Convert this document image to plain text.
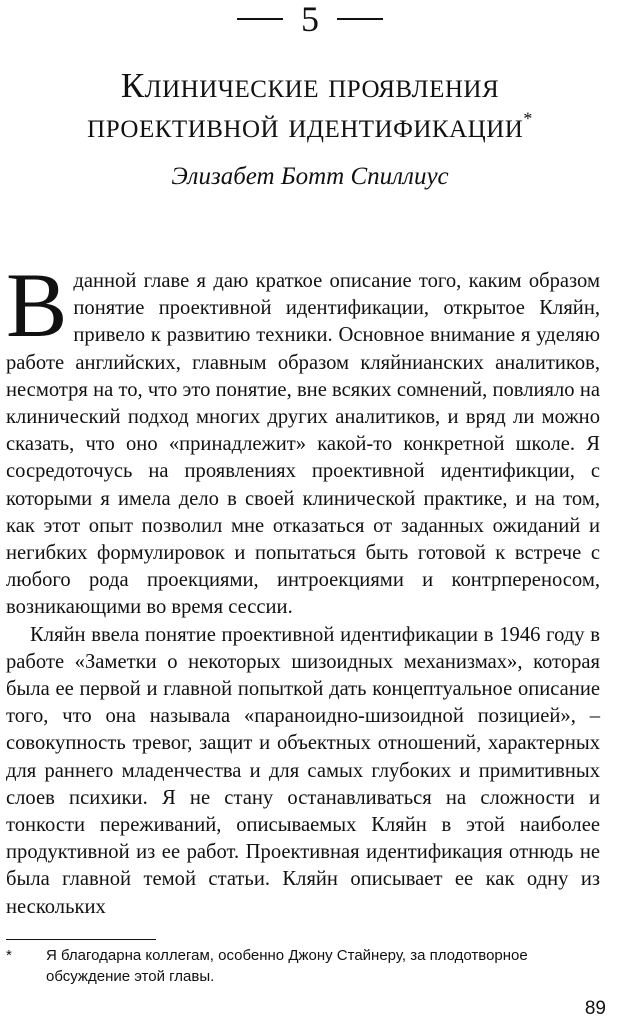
5
Клинические проявления
проективной идентификации*
Элизабет Ботт Спиллиус

Вданной главе я даю краткое описание того, каким образом понятие проективной идентификации, открытое Кляйн, привело к развитию техники. Основное внимание я уделяю работе английских, главным образом кляйнианских аналитиков, несмотря на то, что это понятие, вне всяких сомнений, повлияло на клинический подход многих других аналитиков, и вряд ли можно сказать, что оно «принадлежит» какой-то конкретной школе. Я сосредоточусь на проявлениях проективной идентификции, с которыми я имела дело в своей клинической практике, и на том, как этот опыт позволил мне отказаться от заданных ожиданий и негибких формулировок и попытаться быть готовой к встрече с любого рода проекциями, интроекциями и контрпереносом, возникающими во время сессии.

Кляйн ввела понятие проективной идентификации в 1946 году в работе «Заметки о некоторых шизоидных механизмах», которая была ее первой и главной попыткой дать концептуальное описание того, что она называла «параноидно-шизоидной позицией», – совокупность тревог, защит и объектных отношений, характерных для раннего младенчества и для самых глубоких и примитивных слоев психики. Я не стану останавливаться на сложности и тонкости переживаний, описываемых Кляйн в этой наиболее продуктивной из ее работ. Проективная идентификация отнюдь не была главной темой статьи. Кляйн описывает ее как одну из нескольких

*	Я благодарна коллегам, особенно Джону Стайнеру, за плодотворное обсуждение этой главы.
89
